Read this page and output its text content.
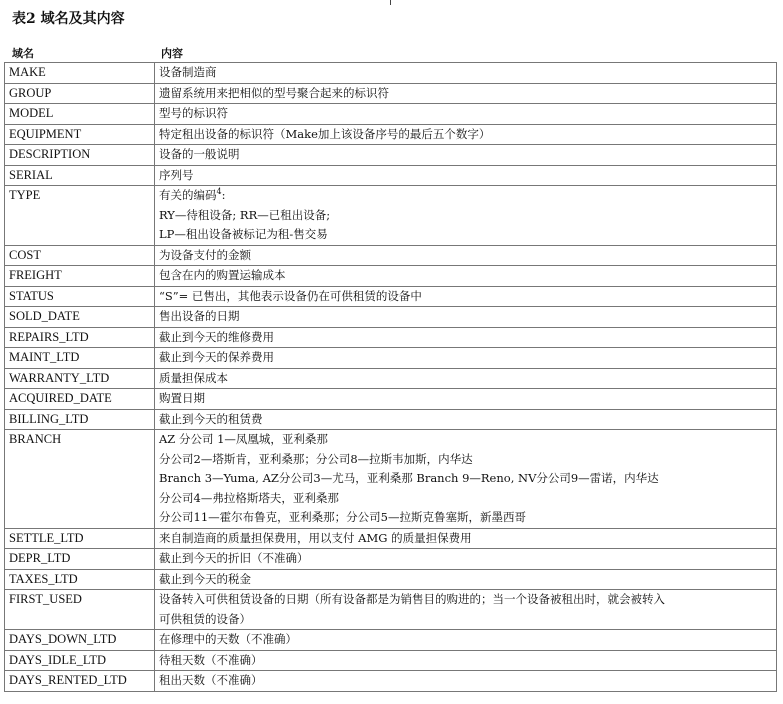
表2 域名及其内容
域名	内容
MAKE	设备制造商

GROUP	遗留系统用来把相似的型号聚合起来的标识符

MODEL	型号的标识符

EQUIPMENT	特定租出设备的标识符（Make加上该设备序号的最后五个数字）

DESCRIPTION	设备的一般说明

SERIAL	序列号

TYPE	有关的编码$^4$:
RY—待租设备; RR—已租出设备;
LP—租出设备被标记为租-售交易

COST	为设备支付的金额

FREIGHT	包含在内的购置运输成本

STATUS	“S”= 已售出，其他表示设备仍在可供租赁的设备中

SOLD_DATE	售出设备的日期

REPAIRS_LTD	截止到今天的维修费用

MAINT_LTD	截止到今天的保养费用

WARRANTY_LTD	质量担保成本

ACQUIRED_DATE	购置日期

BILLING_LTD	截止到今天的租赁费

BRANCH	AZ 分公司 1—凤凰城，亚利桑那
分公司2—塔斯肯，亚利桑那；分公司8—拉斯韦加斯，内华达
Branch 3—Yuma, AZ分公司3—尤马，亚利桑那 Branch 9—Reno, NV分公司9—雷诺，内华达
分公司4—弗拉格斯塔夫，亚利桑那
分公司11—霍尔布鲁克，亚利桑那；分公司5—拉斯克鲁塞斯，新墨西哥

SETTLE_LTD	来自制造商的质量担保费用，用以支付 AMG 的质量担保费用

DEPR_LTD	截止到今天的折旧（不准确）

TAXES_LTD	截止到今天的税金

FIRST_USED	设备转入可供租赁设备的日期（所有设备都是为销售目的购进的；当一个设备被租出时，就会被转入
可供租赁的设备）

DAYS_DOWN_LTD	在修理中的天数（不准确）

DAYS_IDLE_LTD	待租天数（不准确）

DAYS_RENTED_LTD	租出天数（不准确）
